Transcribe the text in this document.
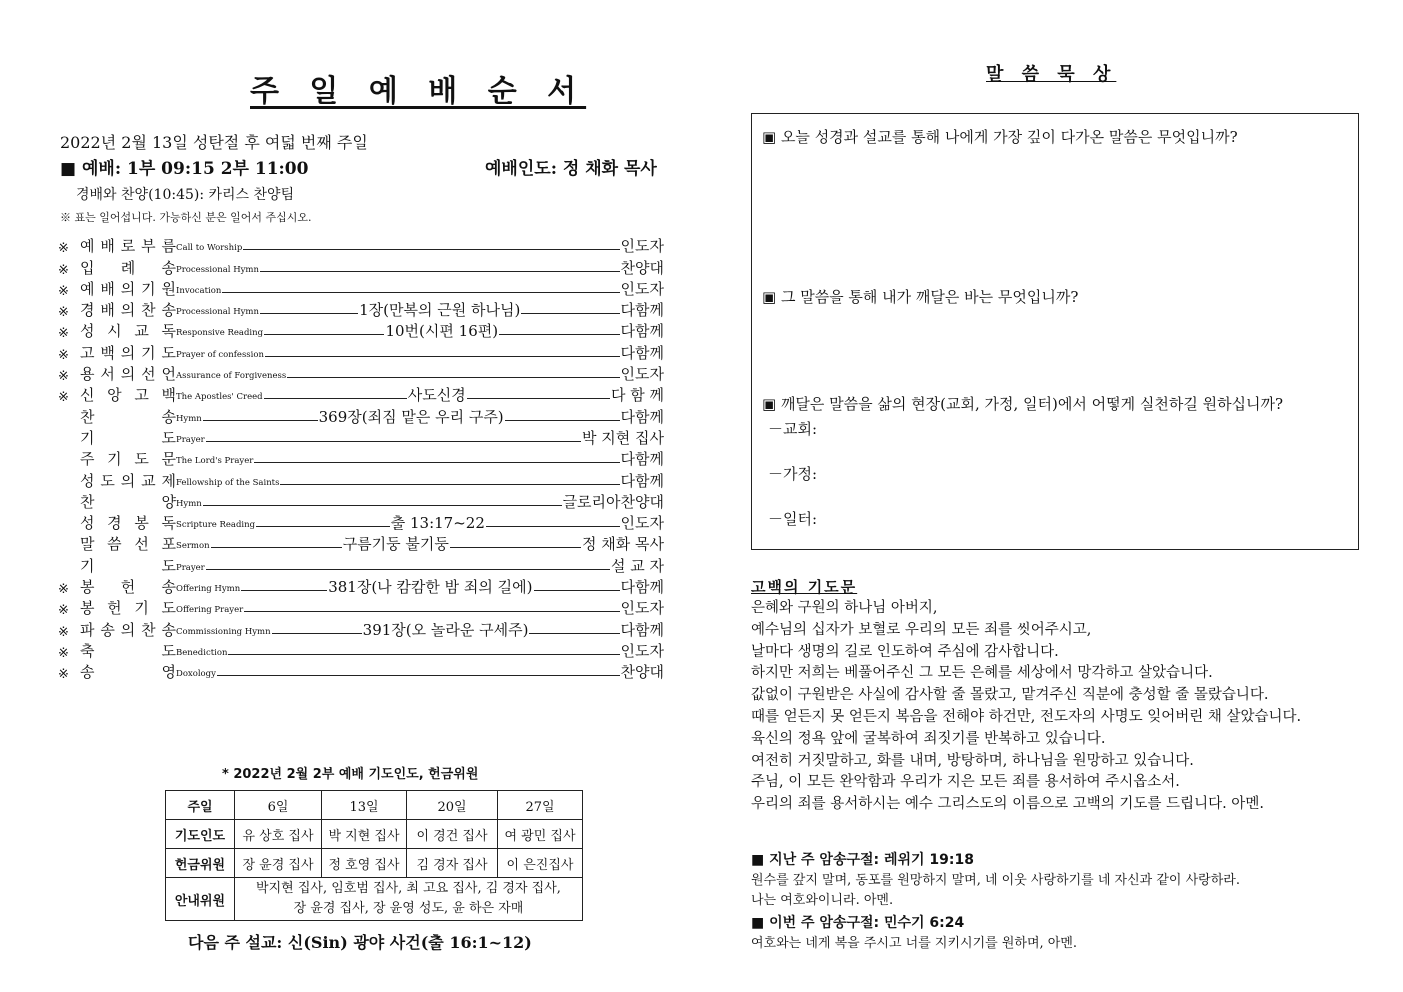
주 일 예 배 순 서
2022년 2월 13일 성탄절 후 여덟 번째 주일
■ 예배: 1부 09:15 2부 11:00	예배인도: 정 채화 목사
경배와 찬양(10:45): 카리스 찬양팀
※ 표는 일어섭니다. 가능하신 분은 일어서 주십시오.
※ 예 배 로 부 름 Call to Worship	인도자
※ 입 례 송 Processional Hymn	찬양대
※ 예 배 의 기 원 Invocation	인도자
※ 경 배 의 찬 송 Processional Hymn	1장(만복의 근원 하나님)	다함께
※ 성 시 교 독 Responsive Reading	10번(시편 16편)	다함께
※ 고 백 의 기 도 Prayer of confession	다함께
※ 용 서 의 선 언 Assurance of Forgiveness	인도자
※ 신 앙 고 백 The Apostles' Creed	사도신경	다 함 께
찬	송 Hymn	369장(죄짐 맡은 우리 구주)	다함께
기	도 Prayer	박 지현 집사
주 기 도 문 The Lord's Prayer	다함께
성 도 의 교 제 Fellowship of the Saints	다함께
찬	양 Hymn	글로리아찬양대
성 경 봉 독 Scripture Reading	출 13:17~22	인도자
말 씀 선 포 Sermon	구름기둥 불기둥	정 채화 목사
기	도 Prayer	설 교 자
※ 봉 헌 송 Offering Hymn	381장(나 캄캄한 밤 죄의 길에)	다함께
※ 봉 헌 기 도 Offering Prayer	인도자
※ 파 송 의 찬 송 Commissioning Hymn	391장(오 놀라운 구세주)	다함께
※ 축	도 Benediction	인도자
※ 송	영 Doxology	찬양대
* 2022년 2월 2부 예배 기도인도, 헌금위원
주일	6일	13일	20일	27일
기도인도	유 상호 집사	박 지현 집사	이 경건 집사	여 광민 집사
헌금위원	장 윤경 집사	정 호영 집사	김 경자 집사	이 은진집사
안내위원	박지현 집사, 임호범 집사, 최 고요 집사, 김 경자 집사,
장 윤경 집사, 장 윤영 성도, 윤 하은 자매			
다음 주 설교: 신(Sin) 광야 사건(출 16:1~12)
말 씀 묵 상
▣ 오늘 성경과 설교를 통해 나에게 가장 깊이 다가온 말씀은 무엇입니까?
▣ 그 말씀을 통해 내가 깨달은 바는 무엇입니까?
▣ 깨달은 말씀을 삶의 현장(교회, 가정, 일터)에서 어떻게 실천하길 원하십니까?
－교회:
－가정:
－일터:
고백의 기도문
은혜와 구원의 하나님 아버지,
예수님의 십자가 보혈로 우리의 모든 죄를 씻어주시고,
날마다 생명의 길로 인도하여 주심에 감사합니다.
하지만 저희는 베풀어주신 그 모든 은혜를 세상에서 망각하고 살았습니다.
값없이 구원받은 사실에 감사할 줄 몰랐고, 맡겨주신 직분에 충성할 줄 몰랐습니다.
때를 얻든지 못 얻든지 복음을 전해야 하건만, 전도자의 사명도 잊어버린 채 살았습니다.
육신의 정욕 앞에 굴복하여 죄짓기를 반복하고 있습니다.
여전히 거짓말하고, 화를 내며, 방탕하며, 하나님을 원망하고 있습니다.
주님, 이 모든 완악함과 우리가 지은 모든 죄를 용서하여 주시옵소서.
우리의 죄를 용서하시는 예수 그리스도의 이름으로 고백의 기도를 드립니다. 아멘.
■ 지난 주 암송구절: 레위기 19:18
원수를 갚지 말며, 동포를 원망하지 말며, 네 이웃 사랑하기를 네 자신과 같이 사랑하라.
나는 여호와이니라. 아멘.
■ 이번 주 암송구절: 민수기 6:24
여호와는 네게 복을 주시고 너를 지키시기를 원하며, 아멘.
